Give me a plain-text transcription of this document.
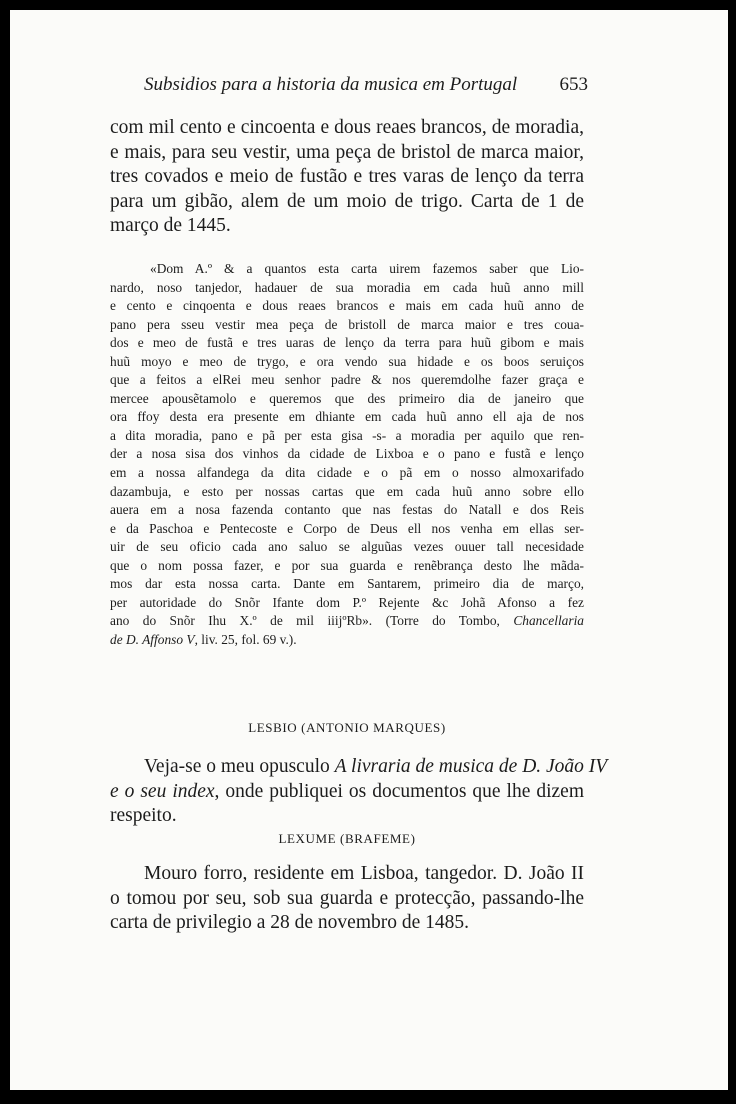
Subsidios para a historia da musica em Portugal 653
com mil cento e cincoenta e dous reaes brancos, de moradia,
e mais, para seu vestir, uma peça de bristol de marca maior,
tres covados e meio de fustão e tres varas de lenço da terra
para um gibão, alem de um moio de trigo. Carta de 1 de
março de 1445.
«Dom A.º & a quantos esta carta uirem fazemos saber que Lio-
nardo, noso tanjedor, hadauer de sua moradia em cada huũ anno mill
e cento e cinqoenta e dous reaes brancos e mais em cada huũ anno de
pano pera sseu vestir mea peça de bristoll de marca maior e tres coua-
dos e meo de fustã e tres uaras de lenço da terra para huũ gibom e mais
huũ moyo e meo de trygo, e ora vendo sua hidade e os boos seruiços
que a feitos a elRei meu senhor padre & nos queremdolhe fazer graça e
mercee apousẽtamolo e queremos que des primeiro dia de janeiro que
ora ffoy desta era presente em dhiante em cada huũ anno ell aja de nos
a dita moradia, pano e pã per esta gisa -s- a moradia per aquilo que ren-
der a nosa sisa dos vinhos da cidade de Lixboa e o pano e fustã e lenço
em a nossa alfandega da dita cidade e o pã em o nosso almoxarifado
dazambuja, e esto per nossas cartas que em cada huũ anno sobre ello
auera em a nosa fazenda contanto que nas festas do Natall e dos Reis
e da Paschoa e Pentecoste e Corpo de Deus ell nos venha em ellas ser-
uir de seu oficio cada ano saluo se alguũas vezes ouuer tall necesidade
que o nom possa fazer, e por sua guarda e renẽbrança desto lhe mãda-
mos dar esta nossa carta. Dante em Santarem, primeiro dia de março,
per autoridade do Snõr Ifante dom P.º Rejente &c Johã Afonso a fez
ano do Snõr Ihu X.º de mil iiijºRb». (Torre do Tombo, Chancellaria
de D. Affonso V, liv. 25, fol. 69 v.).
LESBIO (ANTONIO MARQUES)
Veja-se o meu opusculo A livraria de musica de D. João IV
e o seu index, onde publiquei os documentos que lhe dizem
respeito.
LEXUME (BRAFEME)
Mouro forro, residente em Lisboa, tangedor. D. João II
o tomou por seu, sob sua guarda e protecção, passando-lhe
carta de privilegio a 28 de novembro de 1485.
